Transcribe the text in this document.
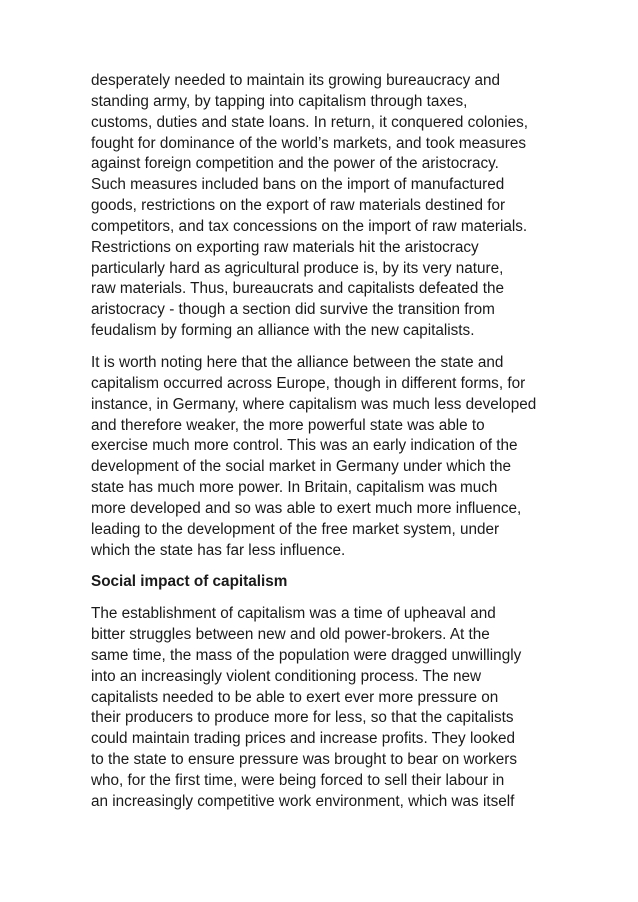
desperately needed to maintain its growing bureaucracy and
standing army, by tapping into capitalism through taxes,
customs, duties and state loans. In return, it conquered colonies,
fought for dominance of the world’s markets, and took measures
against foreign competition and the power of the aristocracy.
Such measures included bans on the import of manufactured
goods, restrictions on the export of raw materials destined for
competitors, and tax concessions on the import of raw materials.
Restrictions on exporting raw materials hit the aristocracy
particularly hard as agricultural produce is, by its very nature,
raw materials. Thus, bureaucrats and capitalists defeated the
aristocracy - though a section did survive the transition from
feudalism by forming an alliance with the new capitalists.

It is worth noting here that the alliance between the state and
capitalism occurred across Europe, though in different forms, for
instance, in Germany, where capitalism was much less developed
and therefore weaker, the more powerful state was able to
exercise much more control. This was an early indication of the
development of the social market in Germany under which the
state has much more power. In Britain, capitalism was much
more developed and so was able to exert much more influence,
leading to the development of the free market system, under
which the state has far less influence.

Social impact of capitalism

The establishment of capitalism was a time of upheaval and
bitter struggles between new and old power-brokers. At the
same time, the mass of the population were dragged unwillingly
into an increasingly violent conditioning process. The new
capitalists needed to be able to exert ever more pressure on
their producers to produce more for less, so that the capitalists
could maintain trading prices and increase profits. They looked
to the state to ensure pressure was brought to bear on workers
who, for the first time, were being forced to sell their labour in
an increasingly competitive work environment, which was itself
